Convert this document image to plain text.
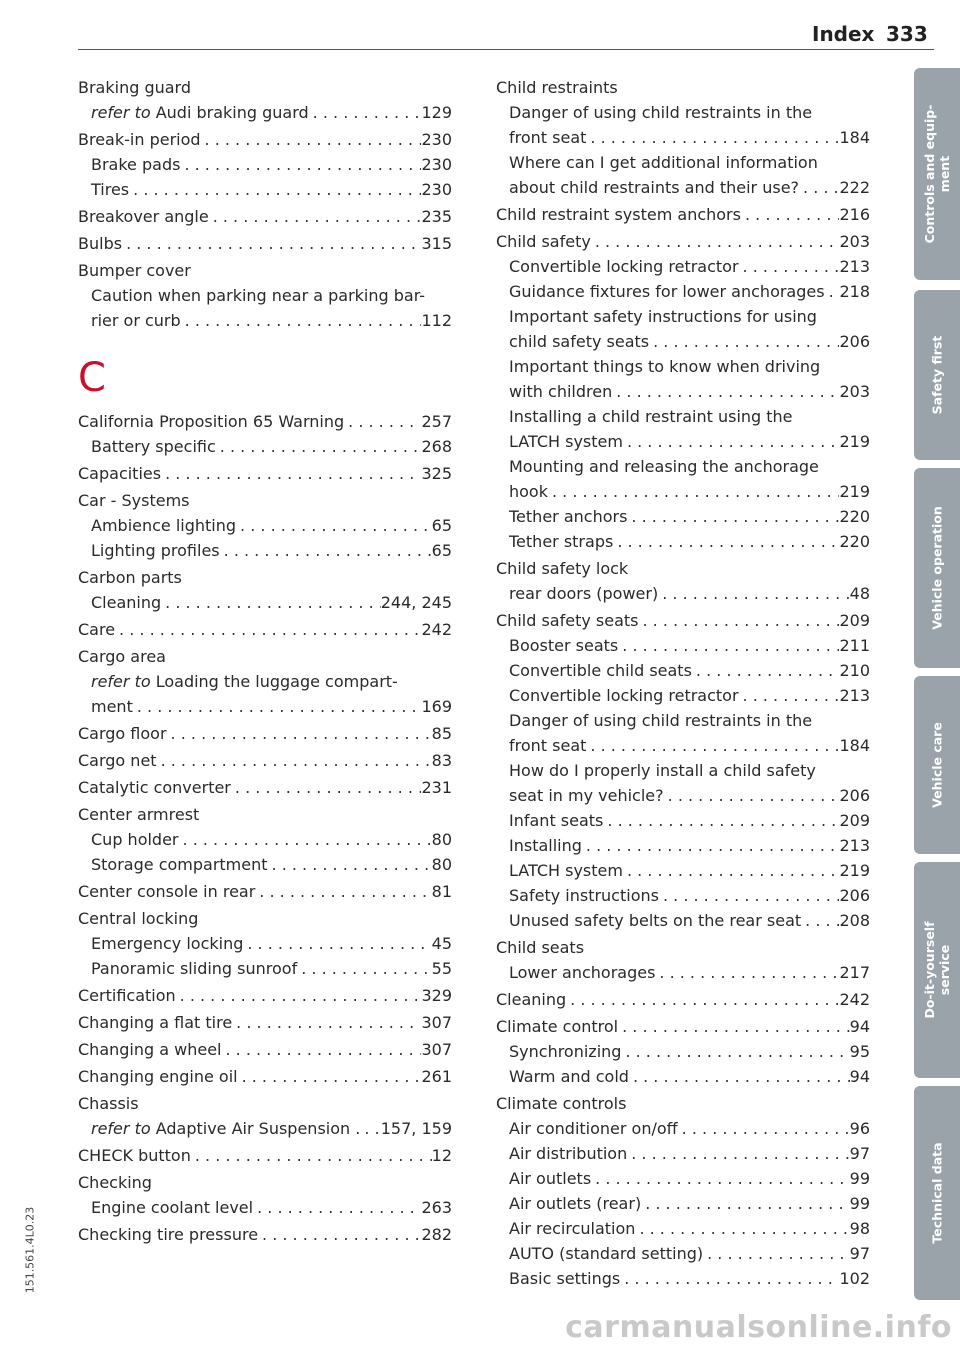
Index 333
Braking guard
refer to Audi braking guard . . .	129
Break-in period . . .	230
Brake pads . . .	230
Tires . . .	230
Breakover angle . . .	235
Bulbs . . .	315
Bumper cover
Caution when parking near a parking bar-
rier or curb . . .	112
C
California Proposition 65 Warning . . .	257
Battery specific . . .	268
Capacities . . .	325
Car - Systems
Ambience lighting . . .	65
Lighting profiles . . .	65
Carbon parts
Cleaning . . .	244, 245
Care . . .	242
Cargo area
refer to Loading the luggage compart-
ment . . .	169
Cargo floor . . .	85
Cargo net . . .	83
Catalytic converter . . .	231
Center armrest
Cup holder . . .	80
Storage compartment . . .	80
Center console in rear . . .	81
Central locking
Emergency locking . . .	45
Panoramic sliding sunroof . . .	55
Certification . . .	329
Changing a flat tire . . .	307
Changing a wheel . . .	307
Changing engine oil . . .	261
Chassis
refer to Adaptive Air Suspension . . . . 157, 159
CHECK button . . .	12
Checking
Engine coolant level . . .	263
Checking tire pressure . . .	282
Child restraints
Danger of using child restraints in the
front seat . . .	184
Where can I get additional information
about child restraints and their use? . . .	222
Child restraint system anchors . . .	216
Child safety . . .	203
Convertible locking retractor . . .	213
Guidance fixtures for lower anchorages . . . 218
Important safety instructions for using
child safety seats . . .	206
Important things to know when driving
with children . . .	203
Installing a child restraint using the
LATCH system . . .	219
Mounting and releasing the anchorage
hook . . .	219
Tether anchors . . .	220
Tether straps . . .	220
Child safety lock
rear doors (power) . . .	48
Child safety seats . . .	209
Booster seats . . .	211
Convertible child seats . . .	210
Convertible locking retractor . . .	213
Danger of using child restraints in the
front seat . . .	184
How do I properly install a child safety
seat in my vehicle? . . .	206
Infant seats . . .	209
Installing . . .	213
LATCH system . . .	219
Safety instructions . . .	206
Unused safety belts on the rear seat . . . 208
Child seats
Lower anchorages . . .	217
Cleaning . . .	242
Climate control . . .	94
Synchronizing . . .	95
Warm and cold . . .	94
Climate controls
Air conditioner on/off . . .	96
Air distribution . . .	97
Air outlets . . .	99
Air outlets (rear) . . .	99
Air recirculation . . .	98
AUTO (standard setting) . . .	97
Basic settings . . .	102
Controls and equip-
ment
Safety first
Vehicle operation
Vehicle care
Do-it-yourself
service
Technical data
151.561.4L0.23
carmanualsonline.info
